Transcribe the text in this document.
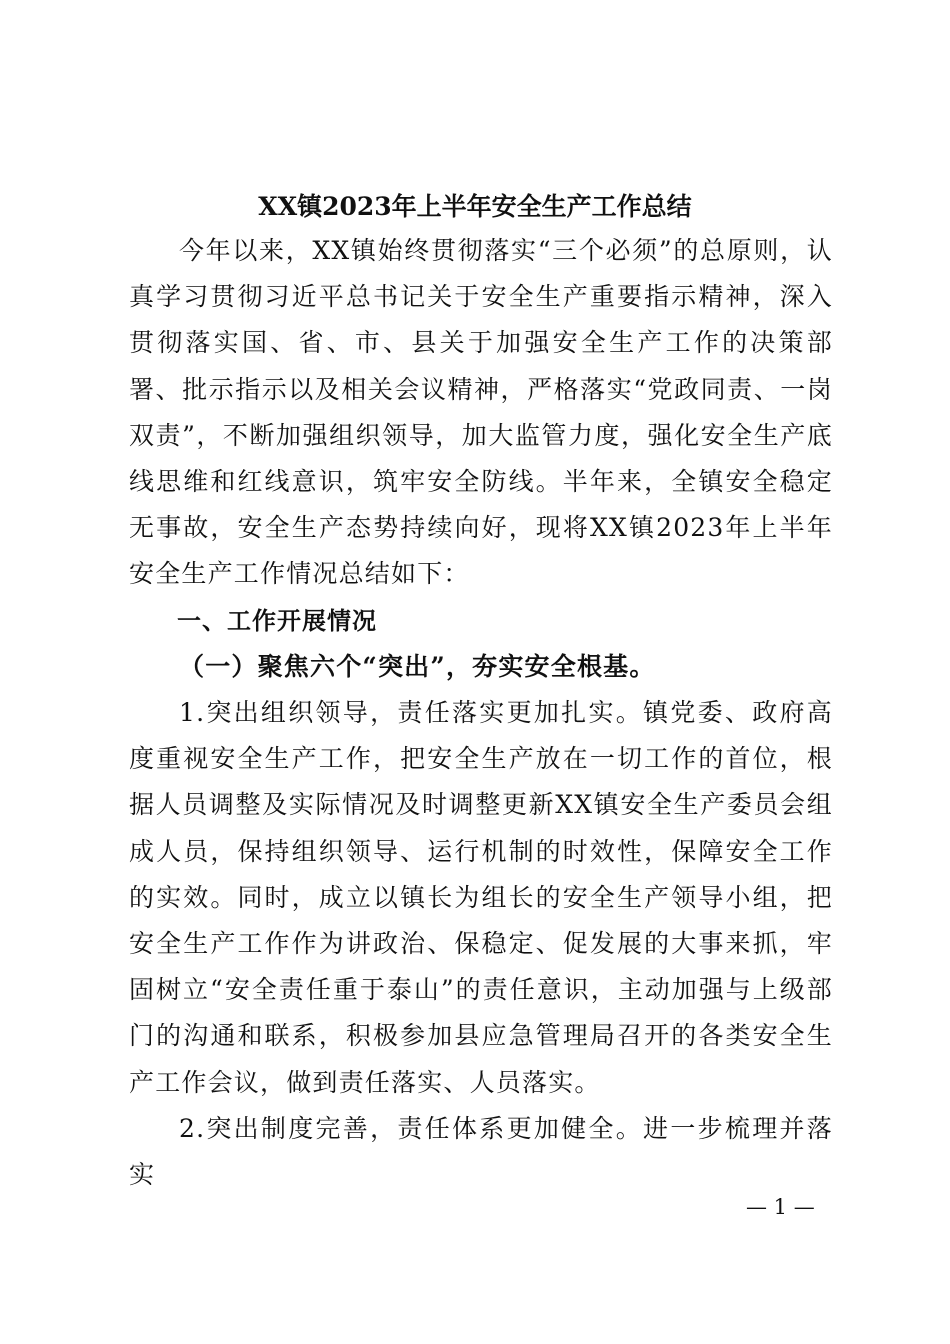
XX镇2023年上半年安全生产工作总结

今年以来，XX镇始终贯彻落实“三个必须”的总原则，认真学习贯彻习近平总书记关于安全生产重要指示精神，深入贯彻落实国、省、市、县关于加强安全生产工作的决策部署、批示指示以及相关会议精神，严格落实“党政同责、一岗双责”，不断加强组织领导，加大监管力度，强化安全生产底线思维和红线意识，筑牢安全防线。半年来，全镇安全稳定无事故，安全生产态势持续向好，现将XX镇2023年上半年安全生产工作情况总结如下：

一、工作开展情况

（一）聚焦六个“突出”，夯实安全根基。

1.突出组织领导，责任落实更加扎实。镇党委、政府高度重视安全生产工作，把安全生产放在一切工作的首位，根据人员调整及实际情况及时调整更新XX镇安全生产委员会组成人员，保持组织领导、运行机制的时效性，保障安全工作的实效。同时，成立以镇长为组长的安全生产领导小组，把安全生产工作作为讲政治、保稳定、促发展的大事来抓，牢固树立“安全责任重于泰山”的责任意识，主动加强与上级部门的沟通和联系，积极参加县应急管理局召开的各类安全生产工作会议，做到责任落实、人员落实。

2.突出制度完善，责任体系更加健全。进一步梳理并落实

— 1 —
